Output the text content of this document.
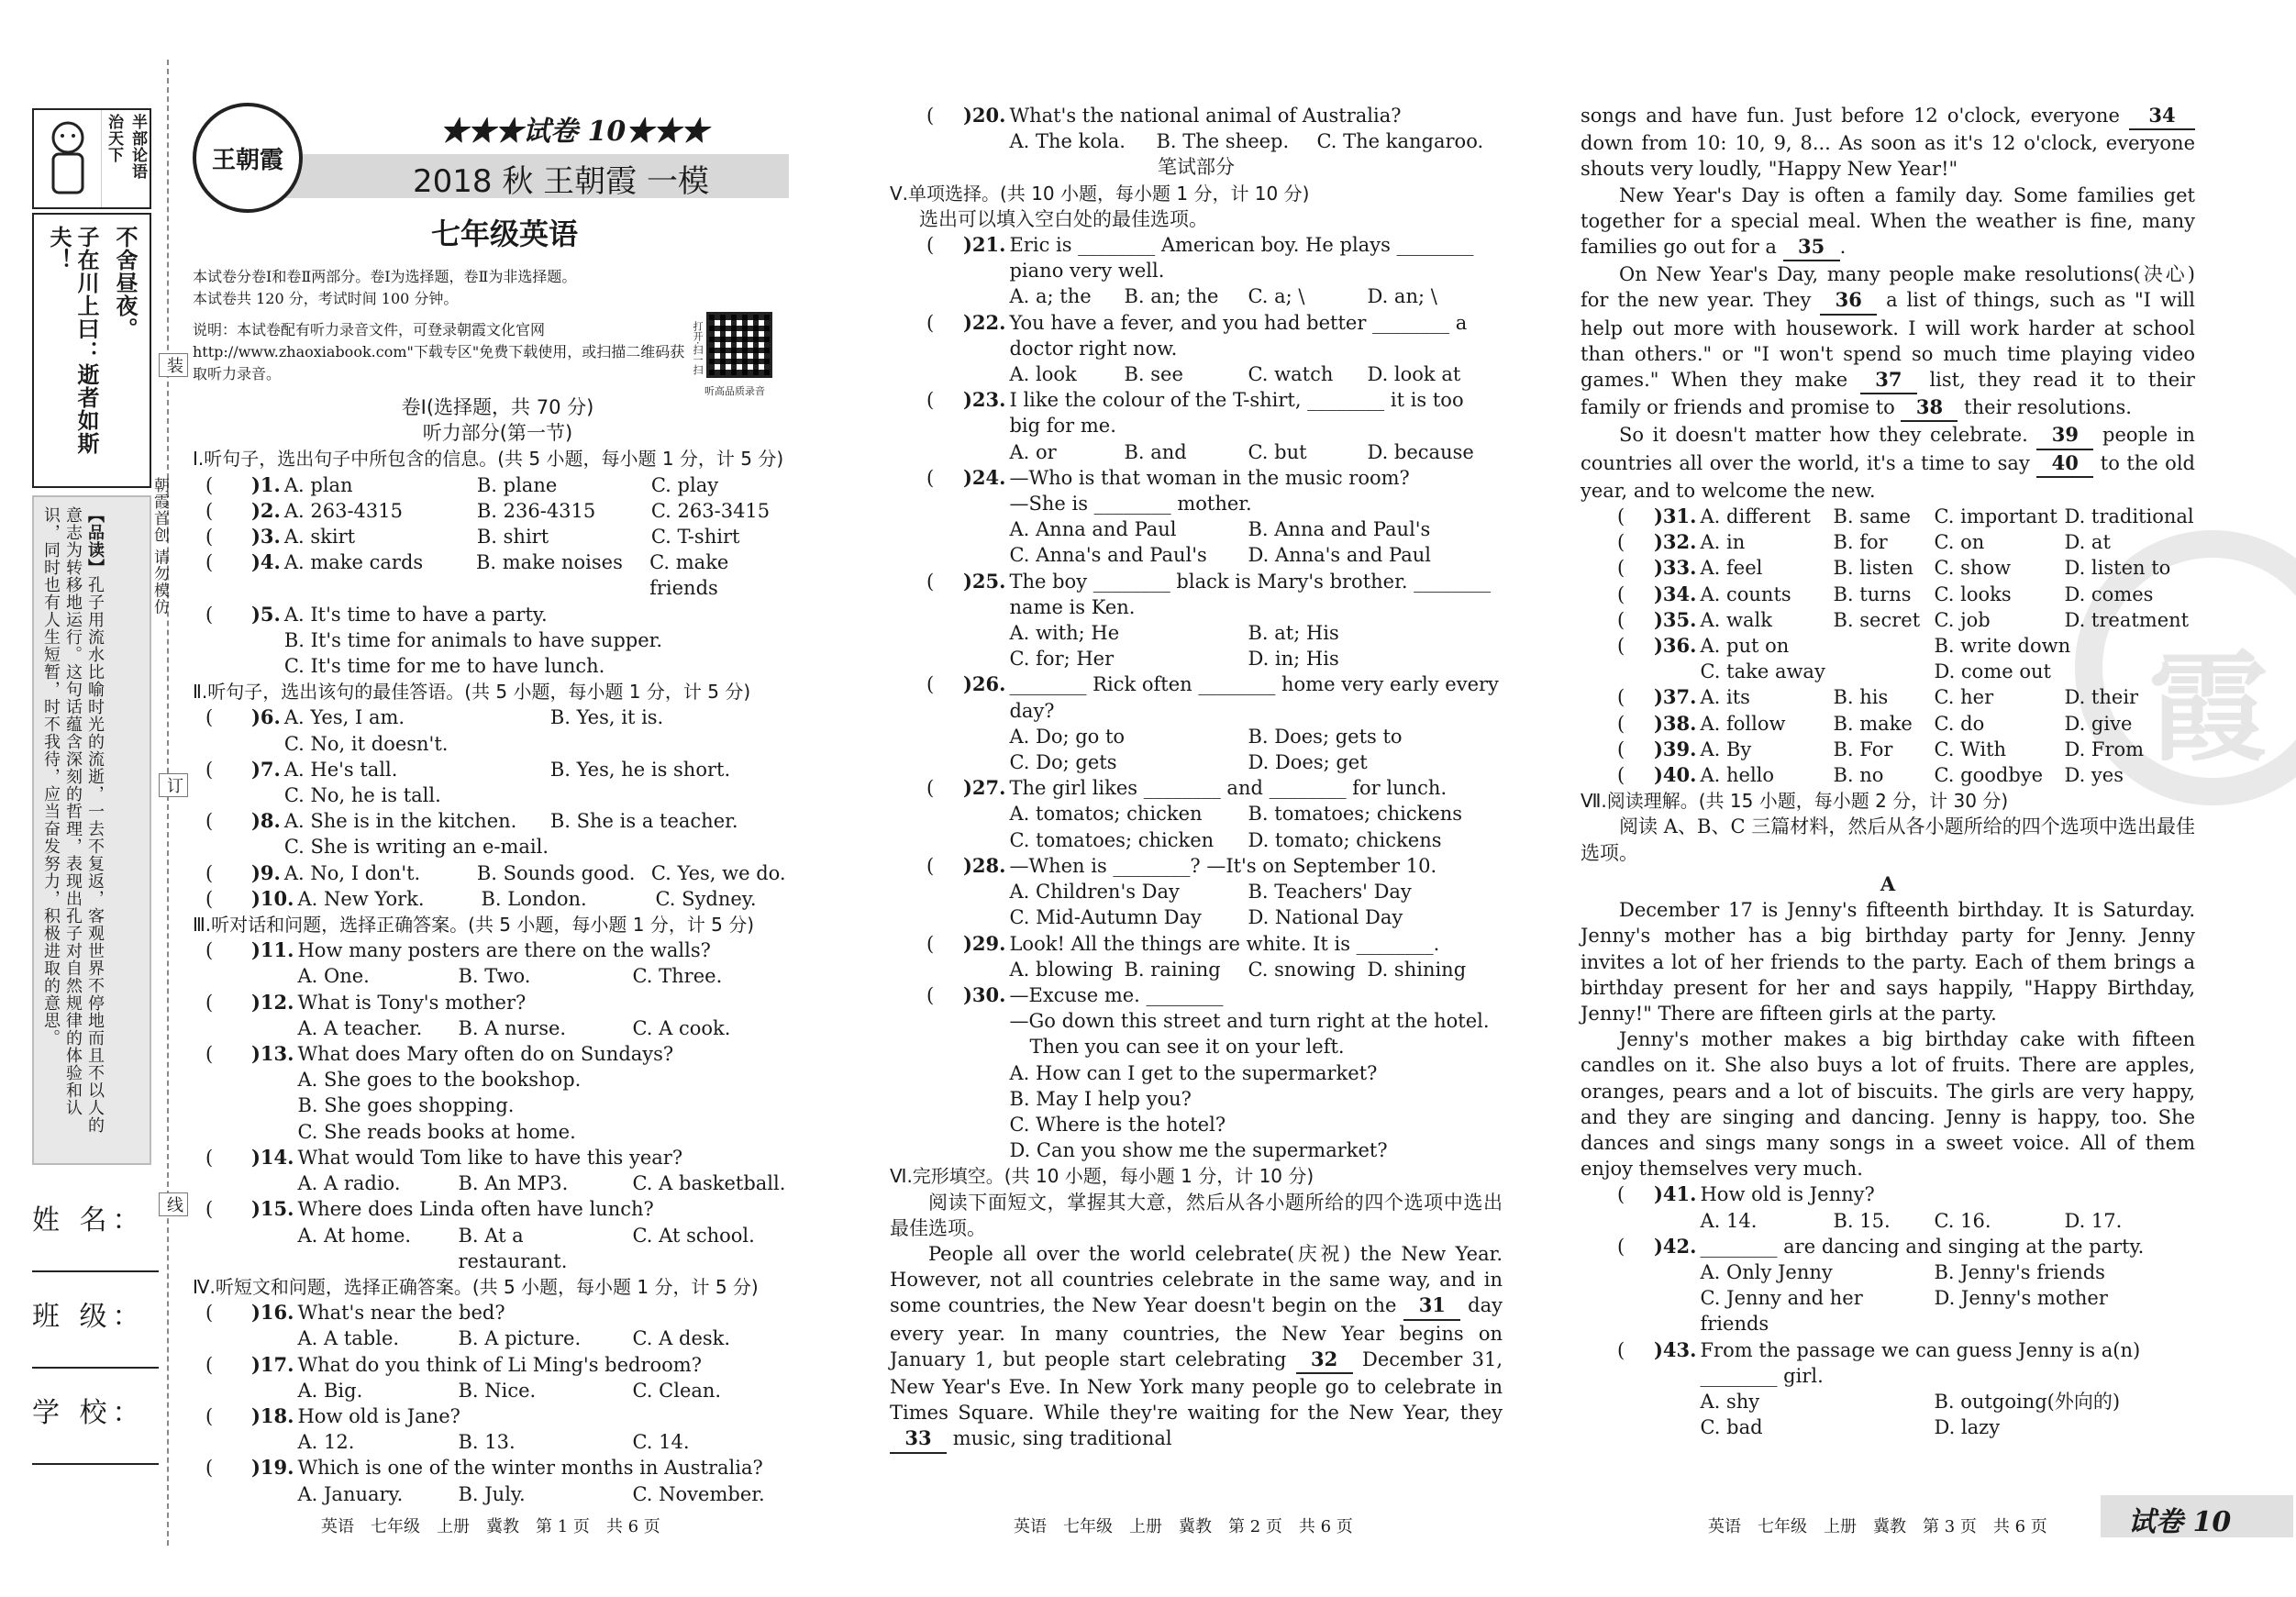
治天下 半部论语
子在川上曰：逝者如斯夫！	不舍昼夜。
【品读】孔子用流水比喻时光的流逝，一去不复返，客观世界不停地而且不以人的意志为转移地运行。这句话蕴含深刻的哲理，表现出孔子对自然规律的体验和认识，同时也有人生短暂，时不我待，应当奋发努力，积极进取的意思。
姓 名：
班 级：
学 校：
装
订
线
朝霞首创 请勿模仿
王朝霞
★★★试卷 10★★★
2018 秋 王朝霞 一模
七年级英语
本试卷分卷Ⅰ和卷Ⅱ两部分。卷Ⅰ为选择题，卷Ⅱ为非选择题。
本试卷共 120 分，考试时间 100 分钟。
说明：本试卷配有听力录音文件，可登录朝霞文化官网 http://www.zhaoxiabook.com"下载专区"免费下载使用，或扫描二维码获取听力录音。	打开·扫一扫
听高品质录音
卷Ⅰ(选择题，共 70 分)
听力部分(第一节)
Ⅰ.听句子，选出句子中所包含的信息。(共 5 小题，每小题 1 分，计 5 分)
(	)1. A. plan	B. plane	C. play
(	)2. A. 263-4315	B. 236-4315	C. 263-3415
(	)3. A. skirt	B. shirt	C. T-shirt
(	)4. A. make cards	B. make noises	C. make friends
(	)5. A. It's time to have a party.
B. It's time for animals to have supper.
C. It's time for me to have lunch.
Ⅱ.听句子，选出该句的最佳答语。(共 5 小题，每小题 1 分，计 5 分)
(	)6. A. Yes, I am.	B. Yes, it is.
C. No, it doesn't.
(	)7. A. He's tall.	B. Yes, he is short.
C. No, he is tall.
(	)8. A. She is in the kitchen.	B. She is a teacher.
C. She is writing an e-mail.
(	)9. A. No, I don't.	B. Sounds good. C. Yes, we do.
(	)10. A. New York.	B. London.	C. Sydney.
Ⅲ.听对话和问题，选择正确答案。(共 5 小题，每小题 1 分，计 5 分)
(	)11. How many posters are there on the walls?
A. One.	B. Two.	C. Three.
(	)12. What is Tony's mother?
A. A teacher.	B. A nurse.	C. A cook.
(	)13. What does Mary often do on Sundays?
A. She goes to the bookshop.
B. She goes shopping.
C. She reads books at home.
(	)14. What would Tom like to have this year?
A. A radio.	B. An MP3.	C. A basketball.
(	)15. Where does Linda often have lunch?
A. At home.	B. At a restaurant.
C. At school.
Ⅳ.听短文和问题，选择正确答案。(共 5 小题，每小题 1 分，计 5 分)
(	)16. What's near the bed?
A. A table.	B. A picture.	C. A desk.
(	)17. What do you think of Li Ming's bedroom?
A. Big.	B. Nice.	C. Clean.
(	)18. How old is Jane?
A. 12.	B. 13.	C. 14.
(	)19. Which is one of the winter months in Australia?
A. January.	B. July.	C. November.
英语　七年级　上册　冀教　第 1 页　共 6 页
(	)20. What's the national animal of Australia?
A. The kola.	B. The sheep.	C. The kangaroo.
笔试部分
Ⅴ.单项选择。(共 10 小题，每小题 1 分，计 10 分)
选出可以填入空白处的最佳选项。
(	)21. Eric is ________ American boy. He plays ________
piano very well.
A. a; the	B. an; the	C. a; \	D. an; \
(	)22. You have a fever, and you had better ________ a
doctor right now.
A. look	B. see	C. watch	D. look at
(	)23. I like the colour of the T-shirt, ________ it is too
big for me.
A. or	B. and	C. but	D. because
(	)24. —Who is that woman in the music room?
—She is ________ mother.
A. Anna and Paul	B. Anna and Paul's
C. Anna's and Paul's	D. Anna's and Paul
(	)25. The boy ________ black is Mary's brother. ________
name is Ken.
A. with; He	B. at; His
C. for; Her	D. in; His
(	)26. ________ Rick often ________ home very early every
day?
A. Do; go to	B. Does; gets to
C. Do; gets	D. Does; get
(	)27. The girl likes ________ and ________ for lunch.
A. tomatos; chicken	B. tomatoes; chickens
C. tomatoes; chicken	D. tomato; chickens
(	)28. —When is ________? —It's on September 10.
A. Children's Day	B. Teachers' Day
C. Mid-Autumn Day	D. National Day
(	)29. Look! All the things are white. It is ________.
A. blowing B. raining	C. snowing D. shining
(	)30. —Excuse me. ________
—Go down this street and turn right at the hotel.
Then you can see it on your left.
A. How can I get to the supermarket?
B. May I help you?
C. Where is the hotel?
D. Can you show me the supermarket?
Ⅵ.完形填空。(共 10 小题，每小题 1 分，计 10 分)
阅读下面短文，掌握其大意，然后从各小题所给的四个选项中选出最佳选项。
People all over the world celebrate(庆祝) the New Year. However, not all countries celebrate in the same way, and in some countries, the New Year doesn't begin on the 31 day every year. In many countries, the New Year begins on January 1, but people start celebrating 32 December 31, New Year's Eve. In New York many people go to celebrate in Times Square. While they're waiting for the New Year, they 33 music, sing traditional
英语　七年级　上册　冀教　第 2 页　共 6 页
霞
songs and have fun. Just before 12 o'clock, everyone 34 down from 10: 10, 9, 8... As soon as it's 12 o'clock, everyone shouts very loudly, "Happy New Year!"
New Year's Day is often a family day. Some families get together for a special meal. When the weather is fine, many families go out for a 35 .
On New Year's Day, many people make resolutions(决心) for the new year. They 36 a list of things, such as "I will help out more with housework. I will work harder at school than others." or "I won't spend so much time playing video games." When they make 37 list, they read it to their family or friends and promise to 38 their resolutions.
So it doesn't matter how they celebrate. 39 people in countries all over the world, it's a time to say 40 to the old year, and to welcome the new.
(	)31. A. different	B. same	C. important D. traditional
(	)32. A. in	B. for	C. on	D. at
(	)33. A. feel	B. listen	C. show	D. listen to
(	)34. A. counts	B. turns	C. looks	D. comes
(	)35. A. walk	B. secret C. job	D. treatment
(	)36. A. put on	B. write down
C. take away	D. come out
(	)37. A. its	B. his	C. her	D. their
(	)38. A. follow	B. make	C. do	D. give
(	)39. A. By	B. For	C. With	D. From
(	)40. A. hello	B. no	C. goodbye	D. yes
Ⅶ.阅读理解。(共 15 小题，每小题 2 分，计 30 分)
阅读 A、B、C 三篇材料，然后从各小题所给的四个选项中选出最佳选项。
A
December 17 is Jenny's fifteenth birthday. It is Saturday. Jenny's mother has a big birthday party for Jenny. Jenny invites a lot of her friends to the party. Each of them brings a birthday present for her and says happily, "Happy Birthday, Jenny!" There are fifteen girls at the party.
Jenny's mother makes a big birthday cake with fifteen candles on it. She also buys a lot of fruits. There are apples, oranges, pears and a lot of biscuits. The girls are very happy, and they are singing and dancing. Jenny is happy, too. She dances and sings many songs in a sweet voice. All of them enjoy themselves very much.
(	)41. How old is Jenny?
A. 14.	B. 15.	C. 16.	D. 17.
(	)42. ________ are dancing and singing at the party.
A. Only Jenny	B. Jenny's friends
C. Jenny and her friends
D. Jenny's mother
(	)43. From the passage we can guess Jenny is a(n)
________ girl.
A. shy	B. outgoing(外向的)
C. bad	D. lazy
英语　七年级　上册　冀教　第 3 页　共 6 页	试卷 10
